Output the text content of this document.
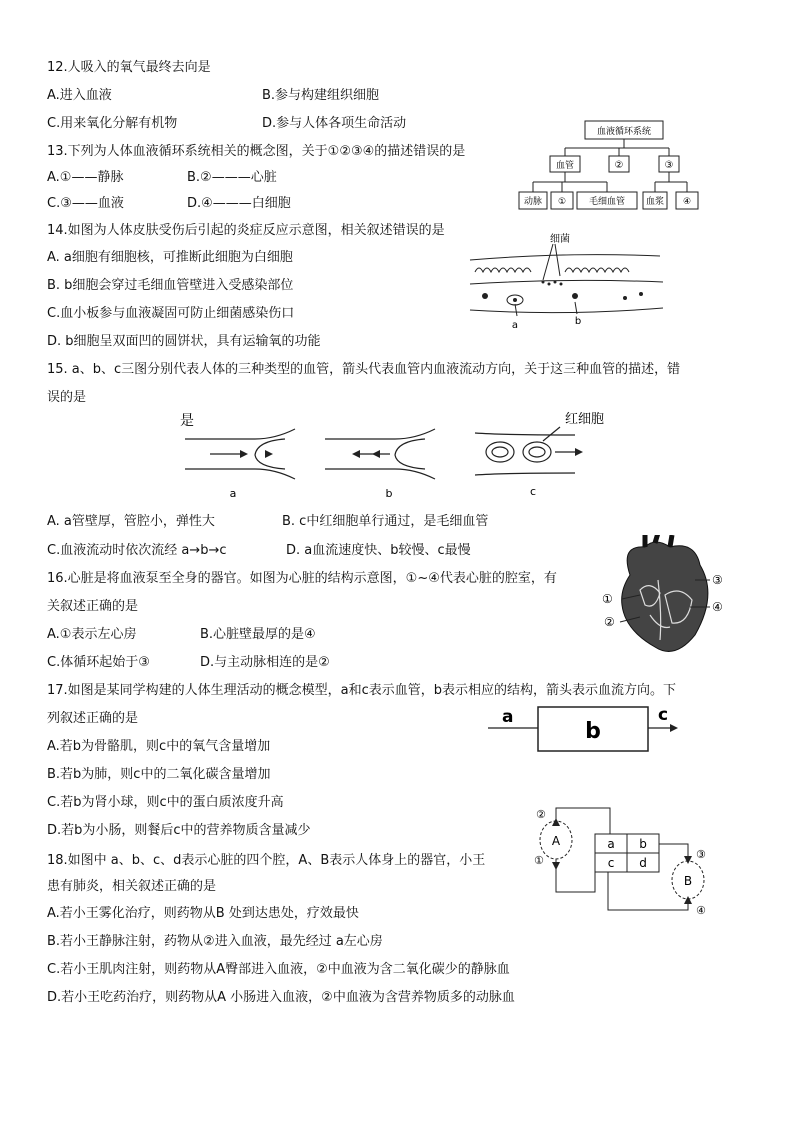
12.人吸入的氧气最终去向是
A.进入血液	B.参与构建组织细胞
C.用来氧化分解有机物	D.参与人体各项生命活动
13.下列为人体血液循环系统相关的概念图，关于①②③④的描述错误的是
A.①——静脉	B.②———心脏
C.③——血液	D.④———白细胞
血液循环系统
血管	②	③
动脉 ①	毛细血管 血浆 ④
14.如图为人体皮肤受伤后引起的炎症反应示意图，相关叙述错误的是
A. a细胞有细胞核，可推断此细胞为白细胞
B. b细胞会穿过毛细血管壁进入受感染部位
C.血小板参与血液凝固可防止细菌感染伤口
D. b细胞呈双面凹的圆饼状，具有运输氧的功能
细菌
a	b
15. a、b、c三图分别代表人体的三种类型的血管，箭头代表血管内血液流动方向，关于这三种血管的描述，错
误的是
是	红细胞
a	b	c
A. a管壁厚，管腔小，弹性大	B. c中红细胞单行通过，是毛细血管
C.血液流动时依次流经 a→b→c	D. a血流速度快、b较慢、c最慢
16.心脏是将血液泵至全身的器官。如图为心脏的结构示意图，①~④代表心脏的腔室，有
关叙述正确的是
A.①表示左心房	B.心脏壁最厚的是④
C.体循环起始于③	D.与主动脉相连的是②
①
②
③
④
17.如图是某同学构建的人体生理活动的概念模型，a和c表示血管，b表示相应的结构，箭头表示血流方向。下
列叙述正确的是
A.若b为骨骼肌，则c中的氧气含量增加
B.若b为肺，则c中的二氧化碳含量增加
C.若b为肾小球，则c中的蛋白质浓度升高
D.若b为小肠，则餐后c中的营养物质含量减少
a
b
c
18.如图中 a、b、c、d表示心脏的四个腔，A、B表示人体身上的器官，小王
患有肺炎，相关叙述正确的是
A.若小王雾化治疗，则药物从B 处到达患处，疗效最快
B.若小王静脉注射，药物从②进入血液，最先经过 a左心房
C.若小王肌肉注射，则药物从A臀部进入血液，②中血液为含二氧化碳少的静脉血
D.若小王吃药治疗，则药物从A 小肠进入血液，②中血液为含营养物质多的动脉血
A
B
a b
c d
①
②
③
④
